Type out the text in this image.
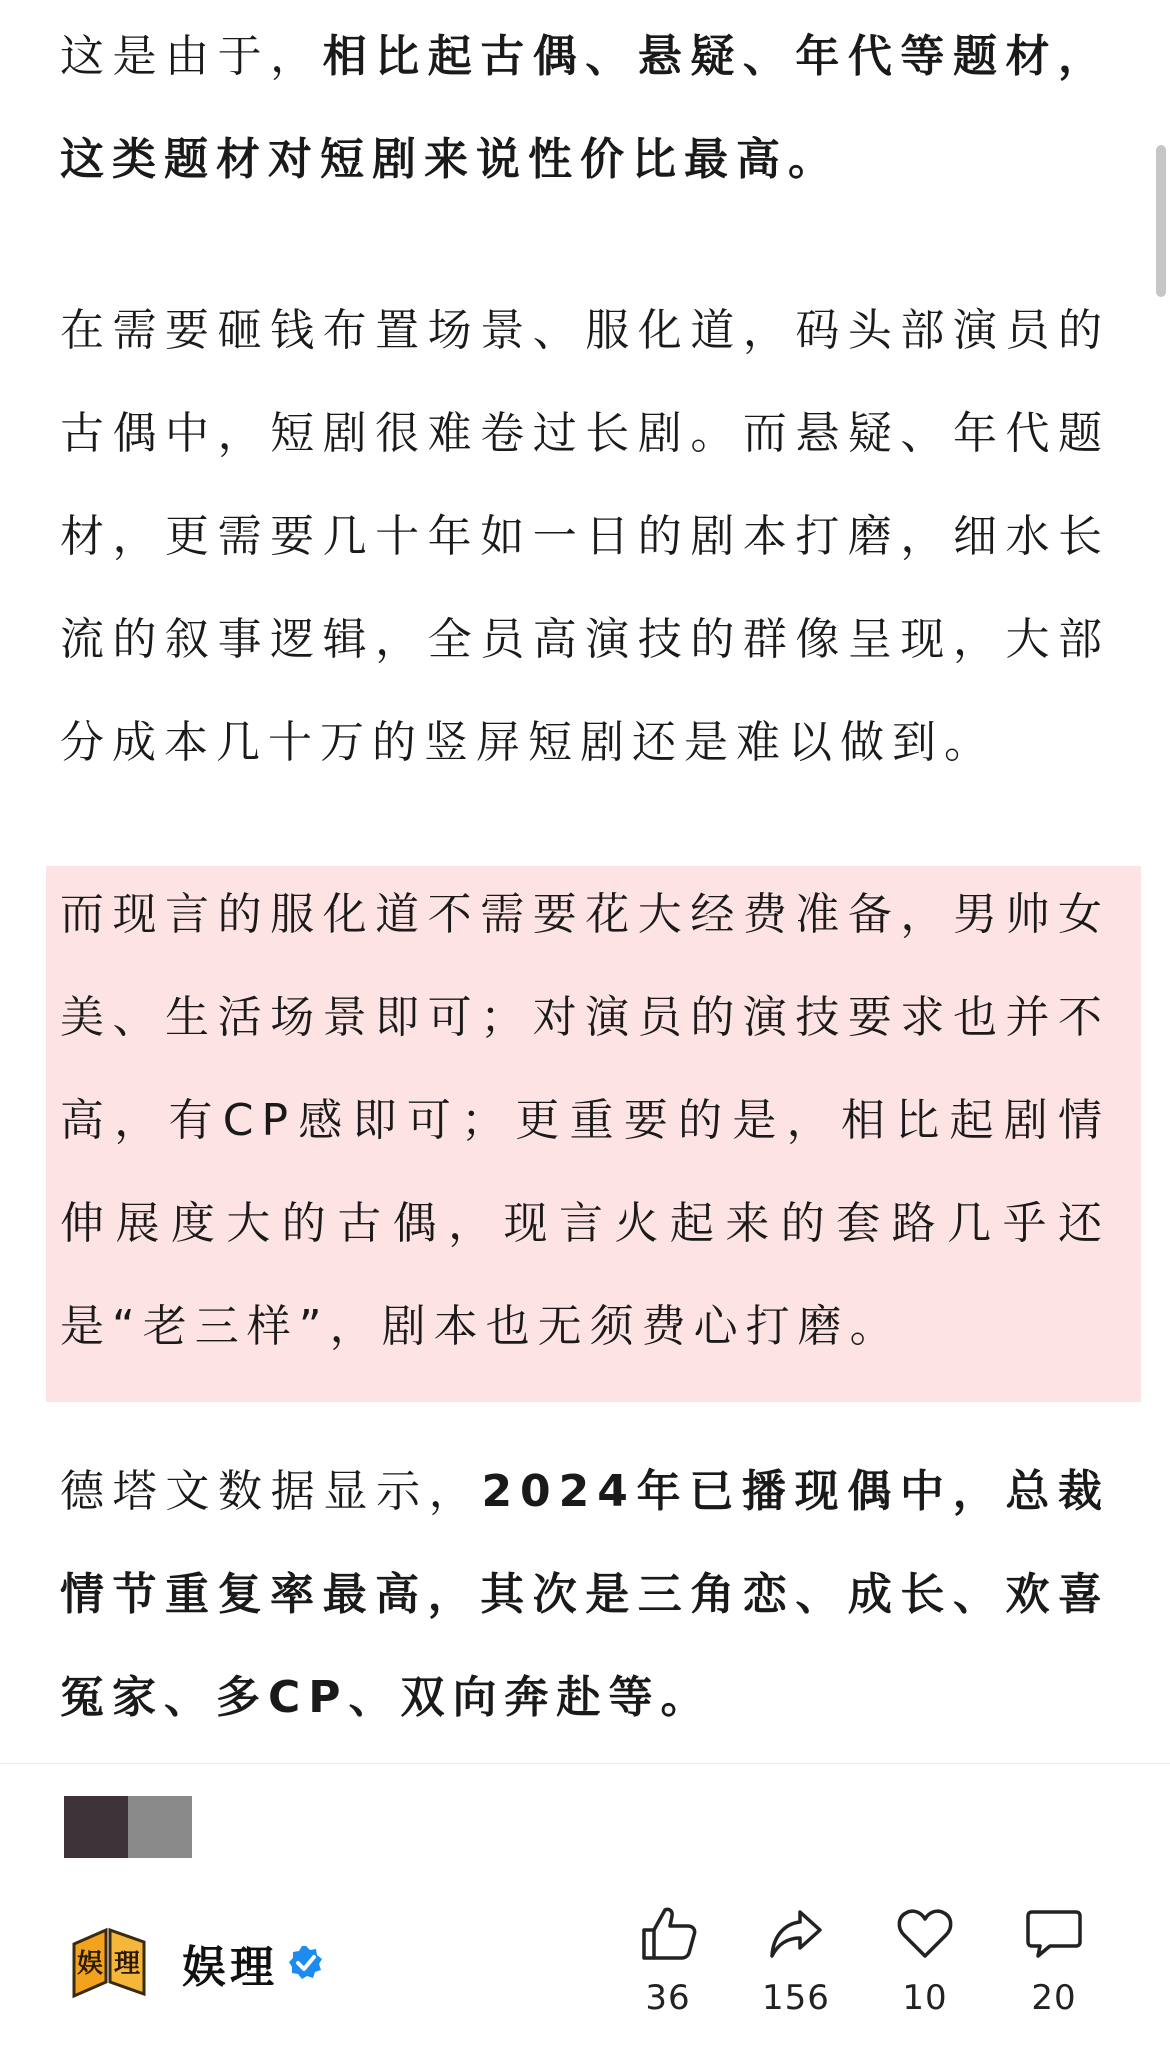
这是由于，相比起古偶、悬疑、年代等题材，这类题材对短剧来说性价比最高。

在需要砸钱布置场景、服化道，码头部演员的古偶中，短剧很难卷过长剧。而悬疑、年代题材，更需要几十年如一日的剧本打磨，细水长流的叙事逻辑，全员高演技的群像呈现，大部分成本几十万的竖屏短剧还是难以做到。

而现言的服化道不需要花大经费准备，男帅女美、生活场景即可；对演员的演技要求也并不高，有CP感即可；更重要的是，相比起剧情伸展度大的古偶，现言火起来的套路几乎还是“老三样”，剧本也无须费心打磨。

德塔文数据显示，2024年已播现偶中，总裁情节重复率最高，其次是三角恋、成长、欢喜冤家、多CP、双向奔赴等。

娱 理 娱理
36	156	10	20
